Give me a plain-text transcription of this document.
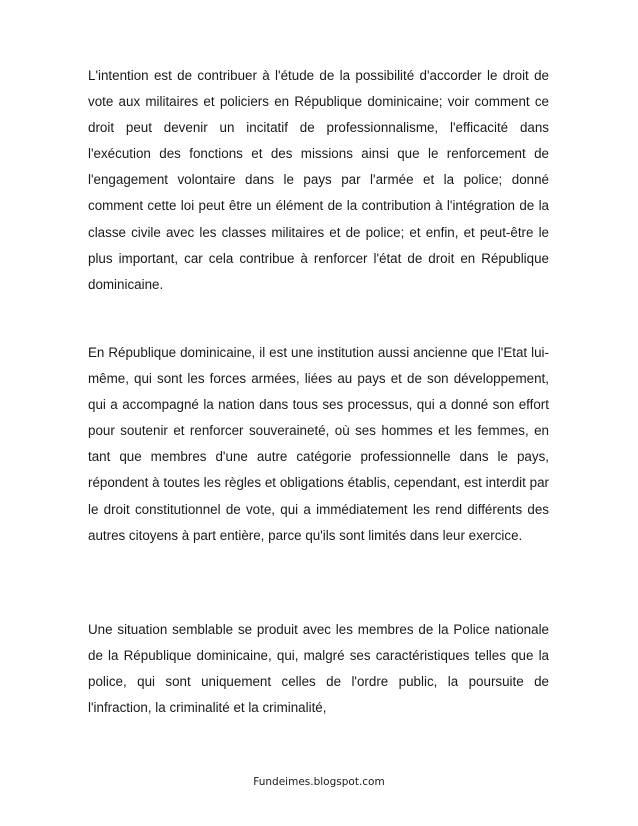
L'intention est de contribuer à l'étude de la possibilité d'accorder le droit de vote aux militaires et policiers en République dominicaine; voir comment ce droit peut devenir un incitatif de professionnalisme, l'efficacité dans l'exécution des fonctions et des missions ainsi que le renforcement de l'engagement volontaire dans le pays par l'armée et la police; donné comment cette loi peut être un élément de la contribution à l'intégration de la classe civile avec les classes militaires et de police; et enfin, et peut-être le plus important, car cela contribue à renforcer l'état de droit en République dominicaine.

En République dominicaine, il est une institution aussi ancienne que l'Etat lui-même, qui sont les forces armées, liées au pays et de son développement, qui a accompagné la nation dans tous ses processus, qui a donné son effort pour soutenir et renforcer souveraineté, où ses hommes et les femmes, en tant que membres d'une autre catégorie professionnelle dans le pays, répondent à toutes les règles et obligations établis, cependant, est interdit par le droit constitutionnel de vote, qui a immédiatement les rend différents des autres citoyens à part entière, parce qu'ils sont limités dans leur exercice.

Une situation semblable se produit avec les membres de la Police nationale de la République dominicaine, qui, malgré ses caractéristiques telles que la police, qui sont uniquement celles de l'ordre public, la poursuite de l'infraction, la criminalité et la criminalité,

Fundeimes.blogspot.com
